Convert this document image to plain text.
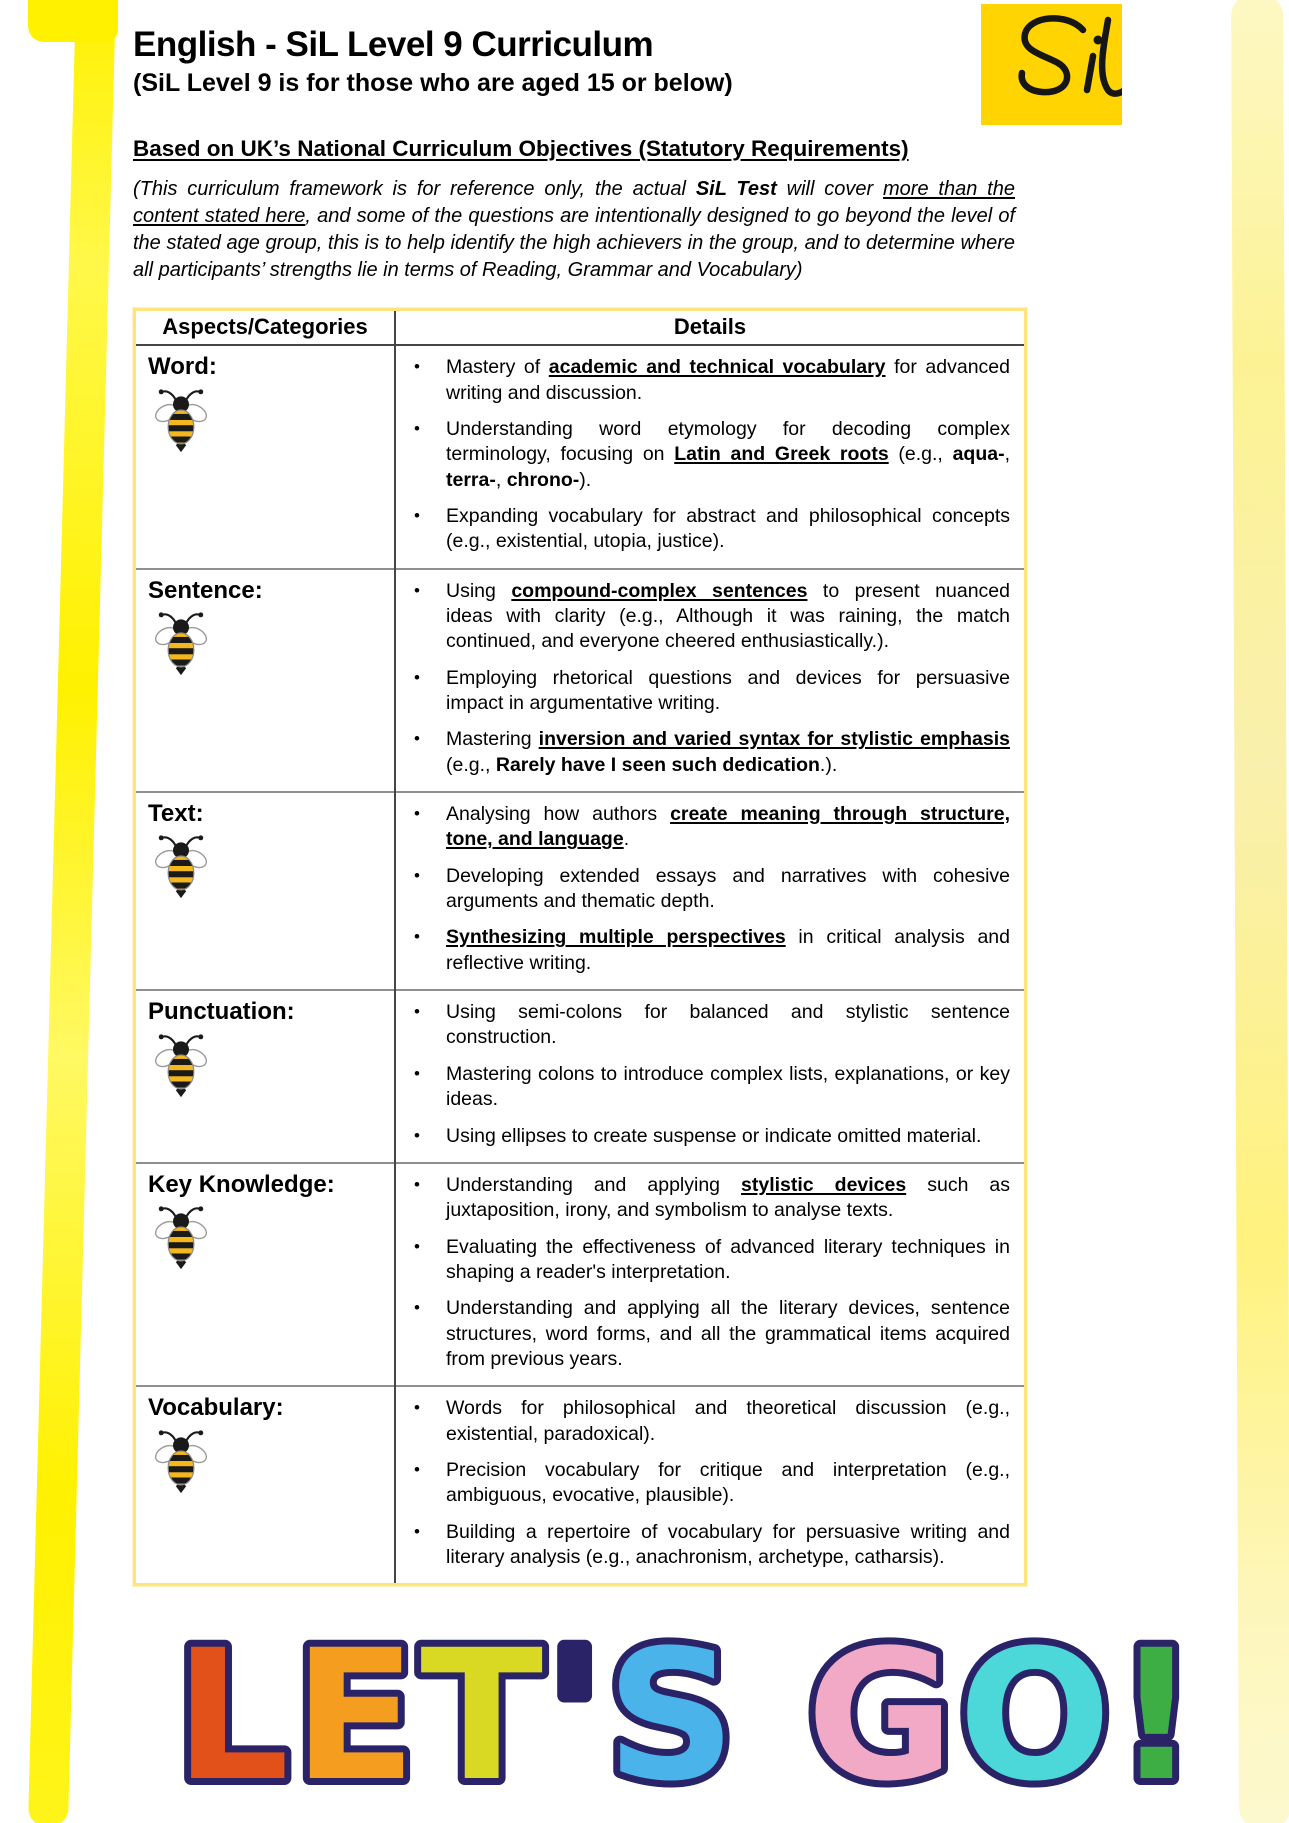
English - SiL Level 9 Curriculum
(SiL Level 9 is for those who are aged 15 or below)
Based on UK’s National Curriculum Objectives (Statutory Requirements)

(This curriculum framework is for reference only, the actual SiL Test will cover more than the content stated here, and some of the questions are intentionally designed to go beyond the level of the stated age group, this is to help identify the high achievers in the group, and to determine where all participants’ strengths lie in terms of Reading, Grammar and Vocabulary)

Aspects/Categories	Details

Word:	•	Mastery of academic and technical vocabulary for advanced writing and discussion.
•	Understanding word etymology for decoding complex terminology, focusing on Latin and Greek roots (e.g., aqua-, terra-, chrono-).
•	Expanding vocabulary for abstract and philosophical concepts (e.g., existential, utopia, justice).

Sentence:	•	Using compound-complex sentences to present nuanced ideas with clarity (e.g., Although it was raining, the match continued, and everyone cheered enthusiastically.).
•	Employing rhetorical questions and devices for persuasive impact in argumentative writing.
•	Mastering inversion and varied syntax for stylistic emphasis (e.g., Rarely have I seen such dedication.).

Text:	•	Analysing how authors create meaning through structure, tone, and language.
•	Developing extended essays and narratives with cohesive arguments and thematic depth.
•	Synthesizing multiple perspectives in critical analysis and reflective writing.

Punctuation:	•	Using semi-colons for balanced and stylistic sentence construction.
•	Mastering colons to introduce complex lists, explanations, or key ideas.
•	Using ellipses to create suspense or indicate omitted material.

Key Knowledge:	•	Understanding and applying stylistic devices such as juxtaposition, irony, and symbolism to analyse texts.
•	Evaluating the effectiveness of advanced literary techniques in shaping a reader's interpretation.
•	Understanding and applying all the literary devices, sentence structures, word forms, and all the grammatical items acquired from previous years.

Vocabulary:	•	Words for philosophical and theoretical discussion (e.g., existential, paradoxical).
•	Precision vocabulary for critique and interpretation (e.g., ambiguous, evocative, plausible).
•	Building a repertoire of vocabulary for persuasive writing and literary analysis (e.g., anachronism, archetype, catharsis).
LET'S GO!
